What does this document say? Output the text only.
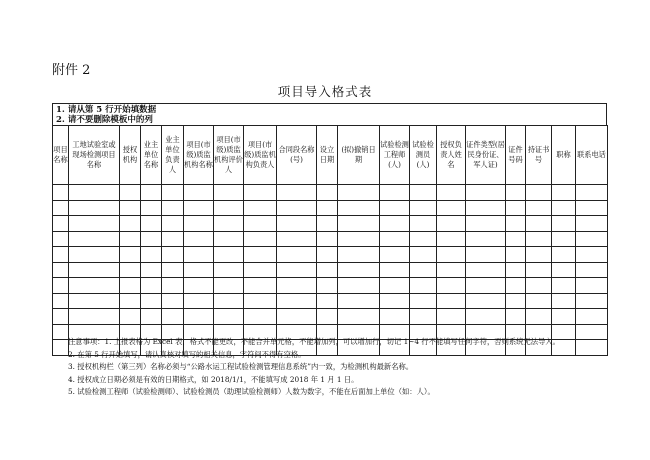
附件 2
项目导入格式表
1. 请从第 5 行开始填数据
2. 请不要删除模板中的列
项目名称	工地试验室或现场检测项目名称	授权机构	业主单位名称	业主单位负责人	项目(市级)质监机构名称	项目(市级)质监机构评价人	项目(市级)质监机构负责人	合同段名称(号)	设立日期	(拟)撤销日期	试验检测工程师(人)	试验检测员(人)	授权负责人姓名	证件类型(居民身份证、军人证)	证件号码	持证书号	职称	联系电话

注意事项：1. 上报表格为 Excel 表，格式不能更改，不能合并单元格，不能增加列，可以增加行，切记 1~4 行不能填写任何字符，否则系统无法导入。
2. 在第 5 行开始填写，请认真核对填写的相关信息，字符间不得有空格。
3. 授权机构栏（第三列）名称必须与“公路水运工程试验检测管理信息系统”内一致，为检测机构最新名称。
4. 授权成立日期必须是有效的日期格式，如 2018/1/1，不能填写成 2018 年 1 月 1 日。
5. 试验检测工程师（试验检测师）、试验检测员（助理试验检测师）人数为数字，不能在后面加上单位（如：人）。
